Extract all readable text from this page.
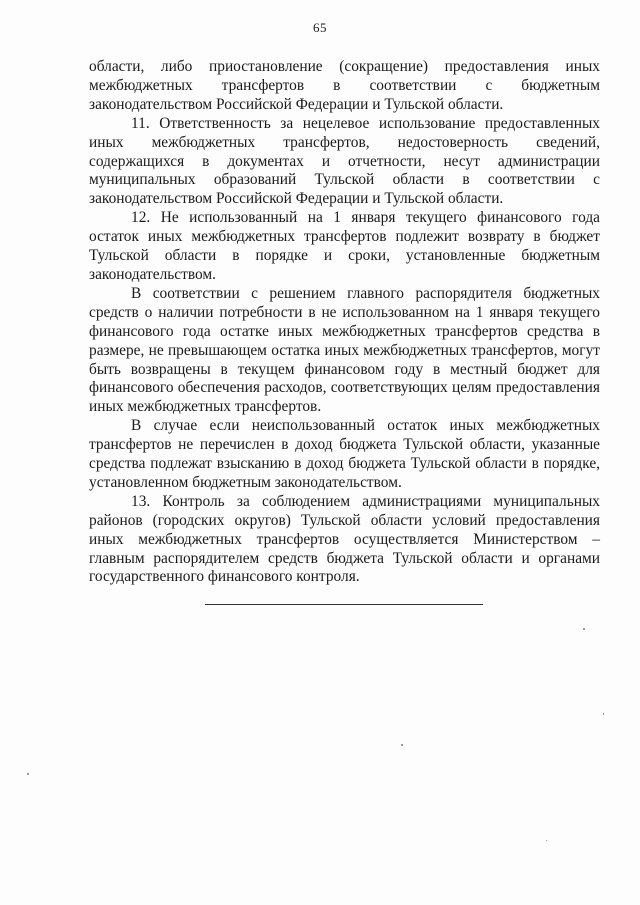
65

области, либо приостановление (сокращение) предоставления иных межбюджетных трансфертов в соответствии с бюджетным законодательством Российской Федерации и Тульской области.

11. Ответственность за нецелевое использование предоставленных иных межбюджетных трансфертов, недостоверность сведений, содержащихся в документах и отчетности, несут администрации муниципальных образований Тульской области в соответствии с законодательством Российской Федерации и Тульской области.

12. Не использованный на 1 января текущего финансового года остаток иных межбюджетных трансфертов подлежит возврату в бюджет Тульской области в порядке и сроки, установленные бюджетным законодательством.

В соответствии с решением главного распорядителя бюджетных средств о наличии потребности в не использованном на 1 января текущего финансового года остатке иных межбюджетных трансфертов средства в размере, не превышающем остатка иных межбюджетных трансфертов, могут быть возвращены в текущем финансовом году в местный бюджет для финансового обеспечения расходов, соответствующих целям предоставления иных межбюджетных трансфертов.

В случае если неиспользованный остаток иных межбюджетных трансфертов не перечислен в доход бюджета Тульской области, указанные средства подлежат взысканию в доход бюджета Тульской области в порядке, установленном бюджетным законодательством.

13. Контроль за соблюдением администрациями муниципальных районов (городских округов) Тульской области условий предоставления иных межбюджетных трансфертов осуществляется Министерством – главным распорядителем средств бюджета Тульской области и органами государственного финансового контроля.
